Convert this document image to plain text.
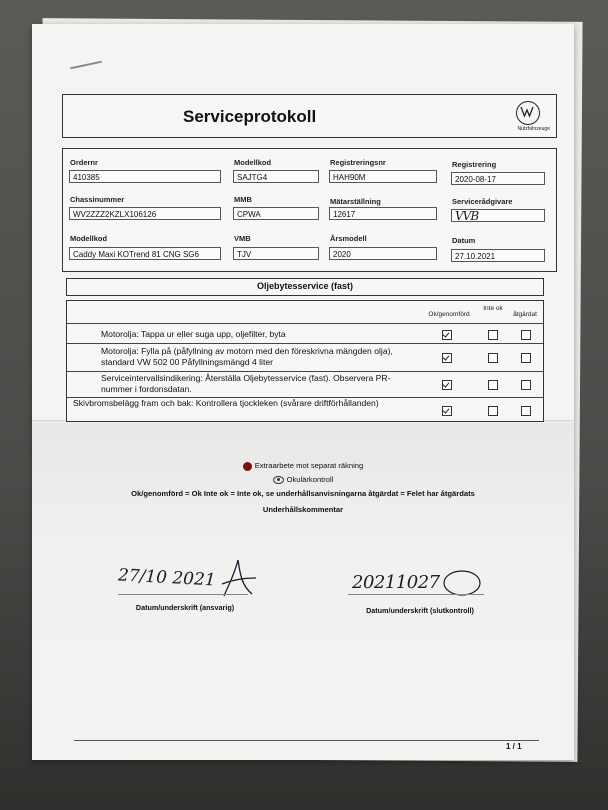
Serviceprotokoll
Nutzfahrzeuge
Ordernr
410385
Modellkod
SAJTG4
Registreringsnr
HAH90M
Registrering
2020-08-17
Chassinummer
WV2ZZZ2KZLX106126
MMB
CPWA
Mätarställning
12617
Servicerådgivare
VVB
Modellkod
Caddy Maxi KOTrend 81 CNG SG6
VMB
TJV
Årsmodell
2020
Datum
27.10.2021
Oljebytesservice (fast)
Ok/genomförd
Inte ok
åtgärdat
Motorolja: Tappa ur eller suga upp, oljefilter, byta
Motorolja: Fylla på (påfyllning av motorn med den föreskrivna mängden olja), standard VW 502 00 Påfyllningsmängd 4 liter
Serviceintervallsindikering: Återställa Oljebytesservice (fast). Observera PR-nummer i fordonsdatan.
Skivbromsbelägg fram och bak: Kontrollera tjockleken (svårare driftförhållanden)
Extraarbete mot separat räkning
Okulärkontroll
Ok/genomförd = Ok Inte ok = Inte ok, se underhållsanvisningarna åtgärdat = Felet har åtgärdats
Underhållskommentar
27/10 2021
Datum/underskrift (ansvarig)
20211027
Datum/underskrift (slutkontroll)
1 / 1
